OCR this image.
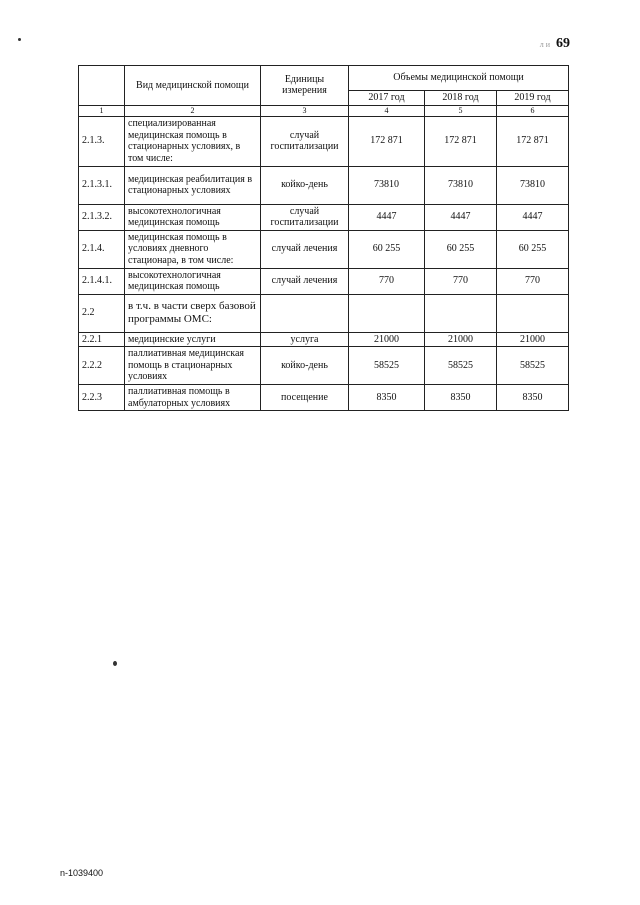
ли 69
	Вид медицинской помощи	Единицы измерения	Объемы медицинской помощи		
			2017 год	2018 год	2019 год
1	2	3	4	5	6
2.1.3.	специализированная медицинская помощь в стационарных условиях, в том числе:	случай госпитализации	172 871	172 871	172 871
2.1.3.1.	медицинская реабилитация в стационарных условиях	койко-день	73810	73810	73810
2.1.3.2.	высокотехнологичная медицинская помощь	случай госпитализации	4447	4447	4447
2.1.4.	медицинская помощь в условиях дневного стационара, в том числе:	случай лечения	60 255	60 255	60 255
2.1.4.1.	высокотехнологичная медицинская помощь	случай лечения	770	770	770
2.2	в т.ч. в части сверх базовой программы ОМС:				
2.2.1	медицинские услуги	услуга	21000	21000	21000
2.2.2	паллиативная медицинская помощь в стационарных условиях	койко-день	58525	58525	58525
2.2.3	паллиативная помощь в амбулаторных условиях	посещение	8350	8350	8350
n-1039400
